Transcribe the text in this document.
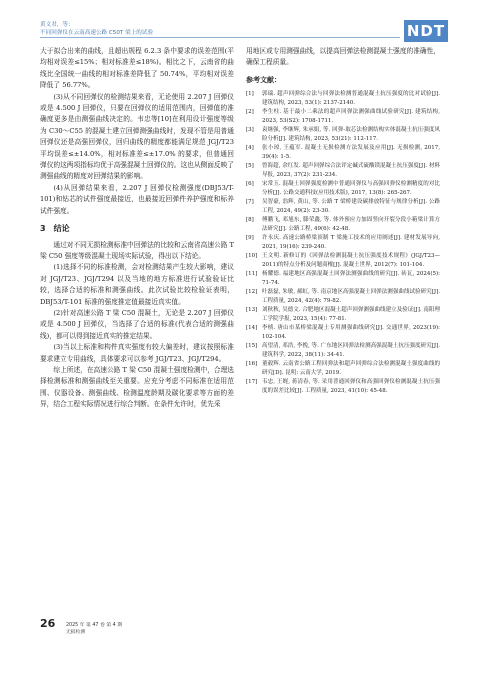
黄文君，等：
不同回弹仪在云南高速公路 C50T 梁上的试验	NDT

大于拟合出来的曲线，且超出规程 6.2.3 条中要求的误差范围(平均相对误差≤15%；相对标准差≤18%)。相比之下，云南省的曲线比全国统一曲线的相对标准差降低了 50.74%，平均相对误差降低了 56.77%。

(3)从不同回弹仪的检测结果来看，无论使用 2.207 J 回弹仪或是 4.500 J 回弹仪，只要在回弹仪的适用范围内，回弹值的准确度更多是由测强曲线决定的。韦忠等[10]在利用设计强度等级为 C30～C55 的混凝土建立回弹测强曲线时，发现不管是用普通回弹仪还是高强回弹仪，回归曲线的精度都能满足规范 JGJ/T23 平均误差≤±14.0%，相对标准差≤±17.0% 的要求，但普通回弹仪的这两项指标均优于高强混凝土回弹仪的。这也从侧面反映了测强曲线的精度对回弹结果的影响。

(4)从回弹结果来看，2.207 J 回弹仪检测强度(DBJ53/T-101)和钻芯的试件强度最接近，也最接近回弹件养护强度和标养试件强度。

3　结论

通过对不同无损检测标准中回弹法的比较和云南省高速公路 T 梁 C50 强度等级混凝土现场实际试验，得出以下结论。

(1)选择不同的标准检测，会对检测结果产生较大影响，建议对 JGJ/T23、JGJ/T294 以及当地的地方标准进行试验验证比较，选择合适的标准和测强曲线。此次试验比较检验证表明，DBJ53/T-101 标准的强度推定值最接近真实值。

(2)针对高速公路 T 梁 C50 混凝土，无论是 2.207 J 回弹仪或是 4.500 J 回弹仪，当选择了合适的标准(代表合适的测强曲线)，都可以得到接近真实的推定结果。

(3)当以上标准和构件真实强度有较大偏差时，建议按照标准要求建立专用曲线，具体要求可以参考 JGJ/T23、JGJ/T294。

综上所述，在高速公路 T 梁 C50 混凝土强度检测中，合理选择检测标准和测强曲线至关重要。应充分考虑不同标准在适用范围、仪器设备、测强曲线、检测温度龄期及碳化要求等方面的差异，结合工程实际情况进行综合判断。在条件允许时，优先采

用地区或专用测强曲线，以提高回弹法检测混凝土强度的准确性，确保工程质量。

参考文献：
[1]	郭瑞. 超声回弹综合法与回弹法检测普通混凝土抗压强度的比对试验[J]. 建筑结构, 2023, 53(1): 2137-2140.
[2]	李生柱. 基于最小二乘法的超声回弹法测强曲线试验研究[J]. 建筑结构, 2023, 53(S2): 1708-1711.
[3]	袁继强, 李继辉, 朱承娟, 等. 回弹-取芯法检测结构实体混凝土抗压强度风险分析[J]. 建筑结构, 2023, 53(21): 112-117.
[4]	张小琼, 王蕴军. 混凝土无损检测方法发展及应用[J]. 无损检测, 2017, 39(4): 1-5.
[5]	曾海超, 余红发. 超声回弹综合法评定碱式硫酸镁混凝土抗压强度[J]. 材料导报, 2023, 37(2): 231-234.
[6]	宋常玉. 混凝土回弹强度检测中普通回弹仪与高强回弹仪检测精度的对比分析[J]. 公路交通科技(应用技术版), 2017, 13(8): 265-267.
[7]	吴智豪, 翁辉, 黄山, 等. 公路 T 梁桥建设碳排放特征与规律分析[J]. 公路工程, 2024, 49(2): 23-30.
[8]	傅鹏飞, 邓旭东, 滕荣鑫, 等. 体外预应力加固竖向开裂分段小箱梁计算方法研究[J]. 公路工程, 49(6): 42-48.
[9]	许永庆. 高速公路桥梁顶制 T 梁施工技术的应用阐述[J]. 建材发展导向, 2021, 19(16): 239-240.
[10] 王文明. 新修订的《回弹法检测混凝土抗压强度技术规程》(JGJ/T23—2011)的特点分析及问题商榷[J]. 混凝土世界, 2012(7): 101-104.
[11] 杨耀德. 福建地区高强混凝土回弹法测强曲线的研究[J]. 砖瓦, 2024(5): 71-74.
[12] 叶磊磊, 朱敏, 郝虹, 等. 南京地区高强混凝土回弹法测强曲线试验研究[J]. 工程质量, 2024, 42(4): 79-82.
[13] 刘秋秋, 吴德文. 合肥地区混凝土超声回弹测强曲线建立及验证[J]. 南阳理工学院学报, 2023, 15(4): 77-81.
[14] 李桢. 唐山市某桥梁混凝土专用测强曲线研究[J]. 交通世界, 2023(19): 102-104.
[15] 高望清, 邓浩, 李挽, 等. 广东地区回弹法检测高强混凝土抗压强度研究[J]. 建筑科学, 2022, 38(11): 34-41.
[16] 董毅辉. 云南省公路工程回弹法和超声回弹综合法检测混凝土强度曲线的研究[D]. 昆明: 云南大学, 2019.
[17] 韦忠, 王娓, 蒋清春, 等. 采用普通回弹仪和高强回弹仪检测混凝土抗压强度的误差比较[J]. 工程质量, 2023, 41(10): 45-48.
26 2025 年 第 47 卷 第 4 期
无损检测
